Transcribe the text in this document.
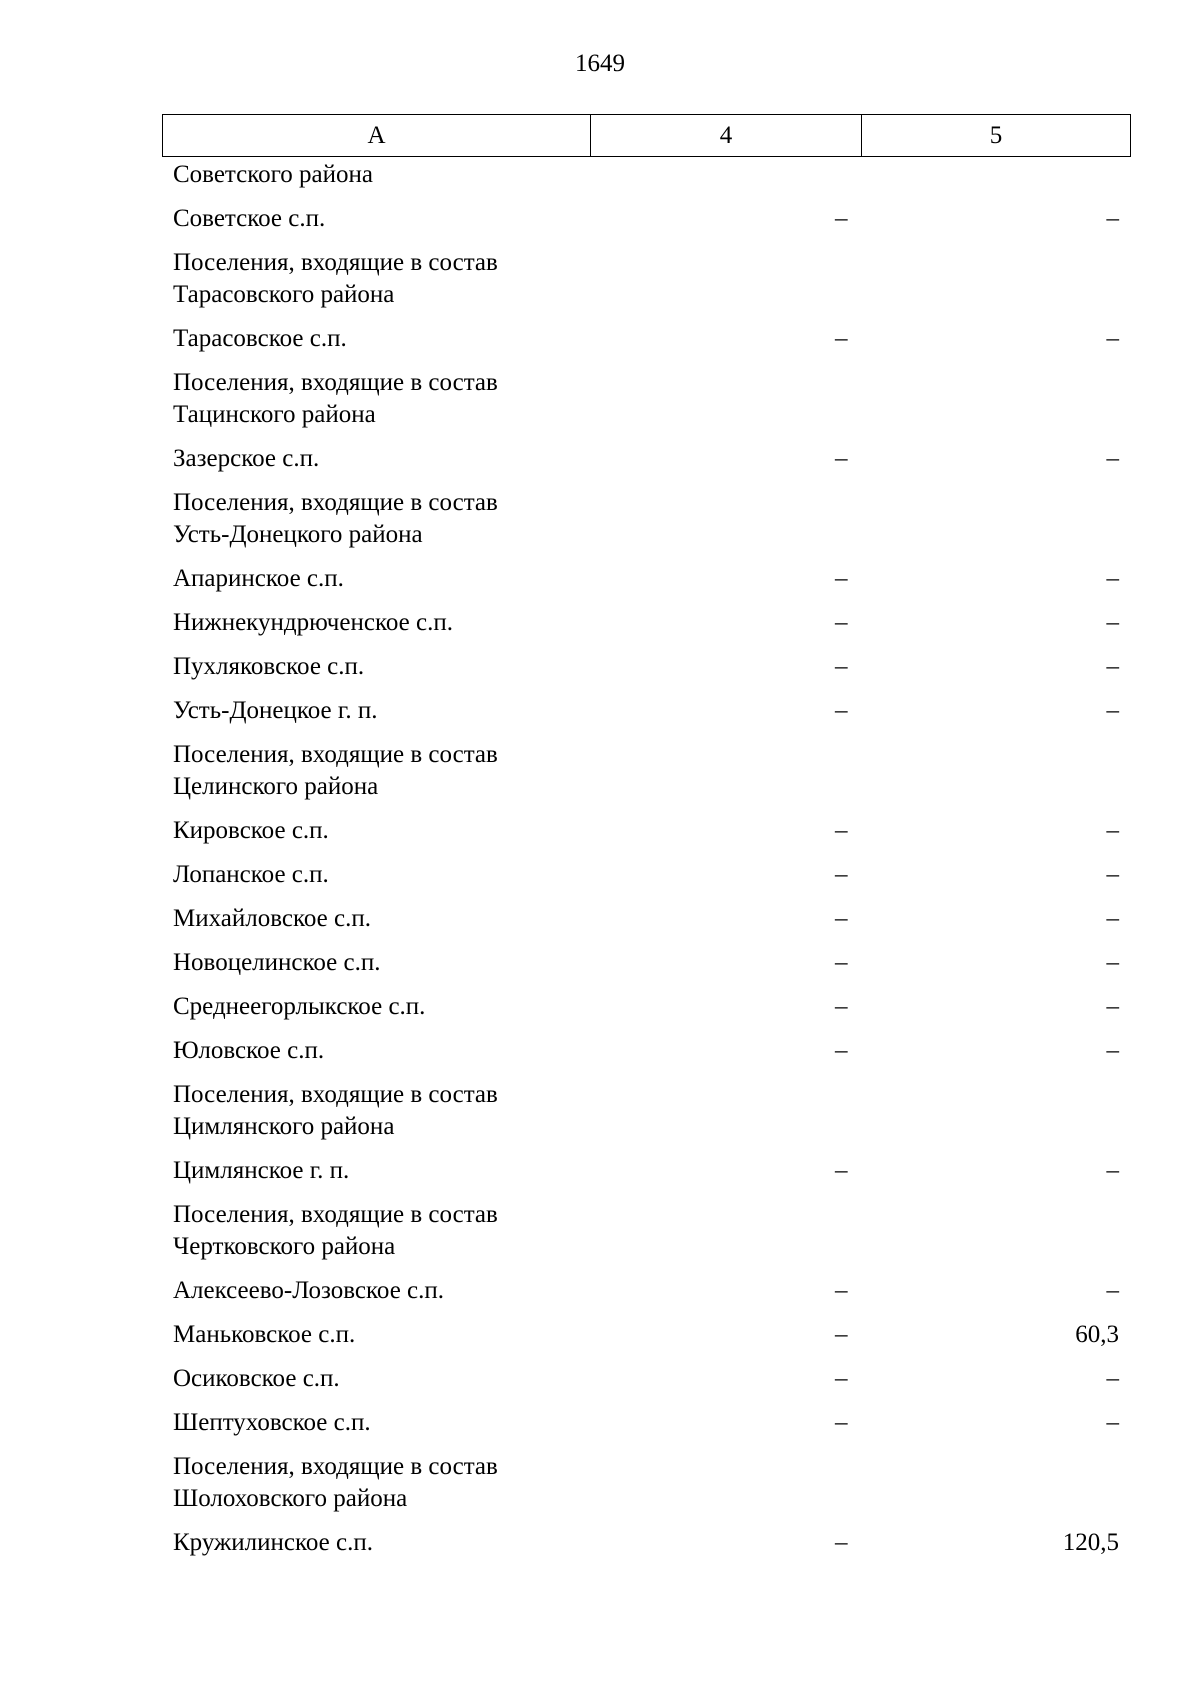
1649
А	4	5
Советского района
Советское с.п.	–	–
Поселения, входящие в состав
Тарасовского района
Тарасовское с.п.	–	–
Поселения, входящие в состав
Тацинского района
Зазерское с.п.	–	–
Поселения, входящие в состав
Усть-Донецкого района
Апаринское с.п.	–	–
Нижнекундрюченское с.п.	–	–
Пухляковское с.п.	–	–
Усть-Донецкое г. п.	–	–
Поселения, входящие в состав
Целинского района
Кировское с.п.	–	–
Лопанское с.п.	–	–
Михайловское с.п.	–	–
Новоцелинское с.п.	–	–
Среднеегорлыкское с.п.	–	–
Юловское с.п.	–	–
Поселения, входящие в состав
Цимлянского района
Цимлянское г. п.	–	–
Поселения, входящие в состав
Чертковского района
Алексеево-Лозовское с.п.	–	–
Маньковское с.п.	–	60,3
Осиковское с.п.	–	–
Шептуховское с.п.	–	–
Поселения, входящие в состав
Шолоховского района
Кружилинское с.п.	–	120,5
